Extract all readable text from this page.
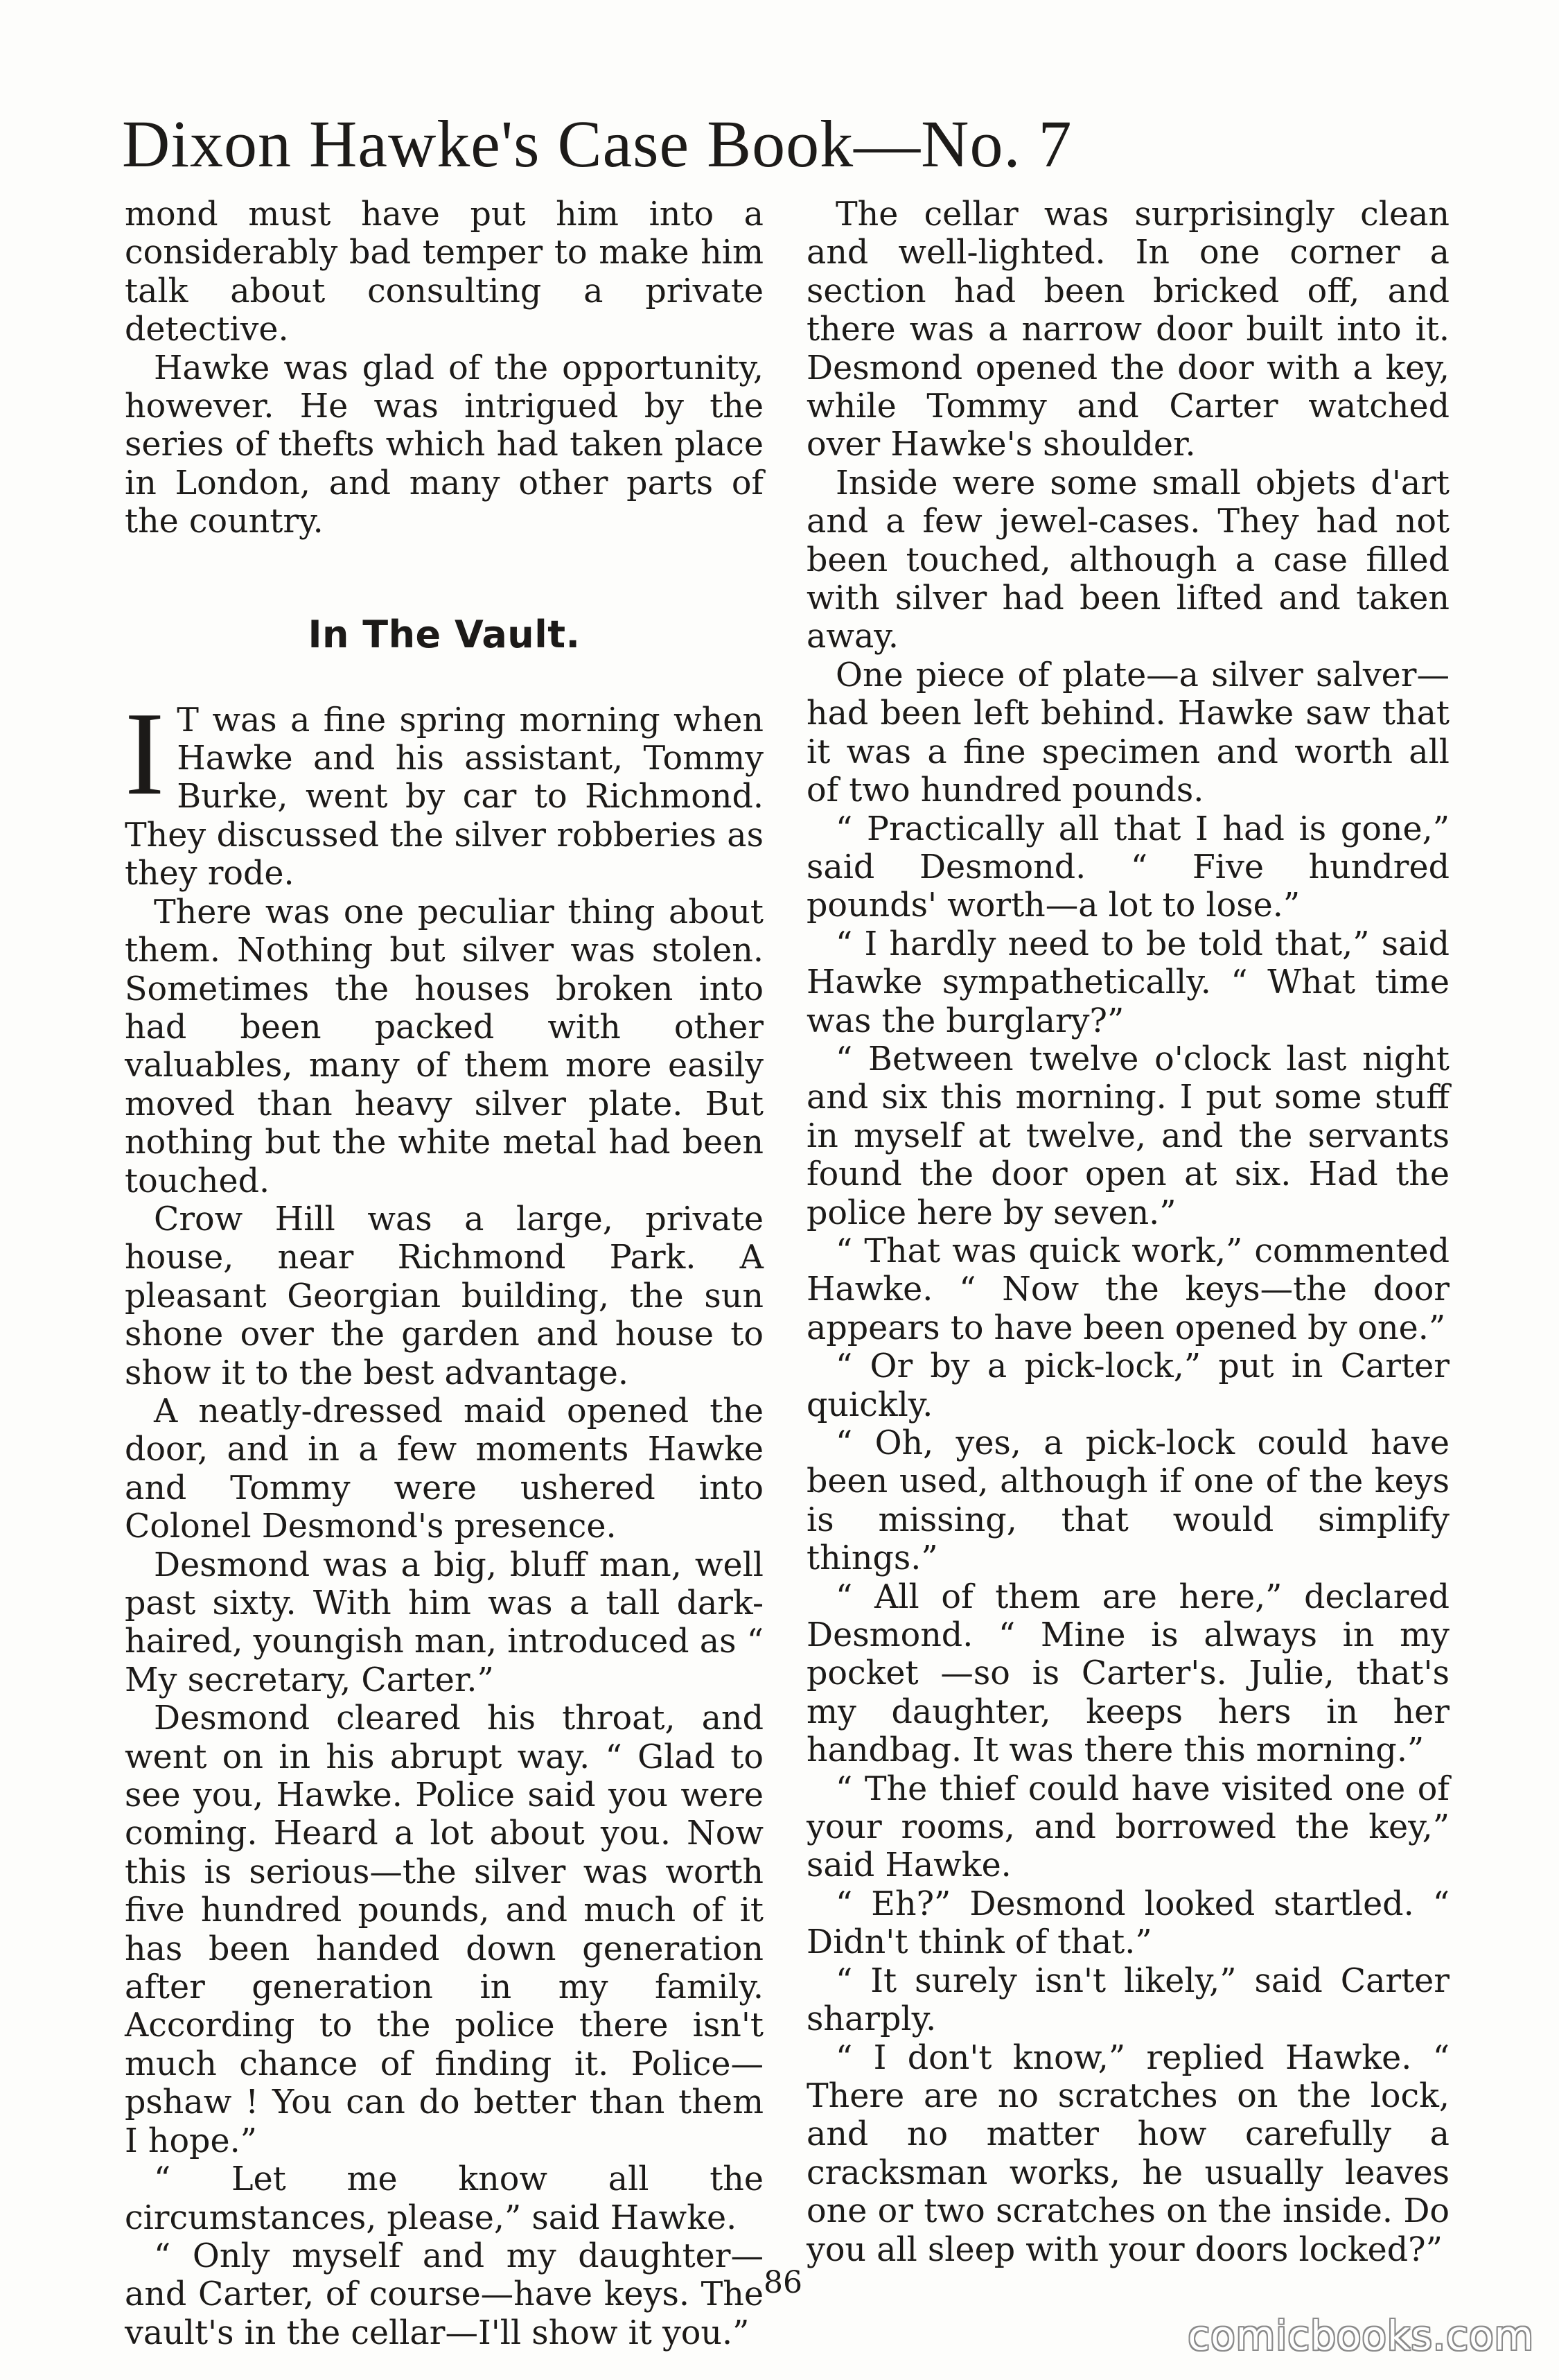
Dixon Hawke's Case Book—No. 7

mond must have put him into a considerably bad temper to make him talk about consulting a private detective.

Hawke was glad of the opportunity, however. He was intrigued by the series of thefts which had taken place in London, and many other parts of the country.

In The Vault.

I T was a fine spring morning when Hawke and his assistant, Tommy Burke, went by car to Richmond. They discussed the silver robberies as they rode.

There was one peculiar thing about them. Nothing but silver was stolen. Sometimes the houses broken into had been packed with other valuables, many of them more easily moved than heavy silver plate. But nothing but the white metal had been touched.

Crow Hill was a large, private house, near Richmond Park. A pleasant Georgian building, the sun shone over the garden and house to show it to the best advantage.

A neatly-dressed maid opened the door, and in a few moments Hawke and Tommy were ushered into Colonel Desmond's presence.

Desmond was a big, bluff man, well past sixty. With him was a tall dark-haired, youngish man, introduced as “ My secretary, Carter.”

Desmond cleared his throat, and went on in his abrupt way. “ Glad to see you, Hawke. Police said you were coming. Heard a lot about you. Now this is serious—the silver was worth five hundred pounds, and much of it has been handed down generation after generation in my family. According to the police there isn't much chance of finding it. Police—pshaw ! You can do better than them I hope.”

“ Let me know all the circumstances, please,” said Hawke.

“ Only myself and my daughter—and Carter, of course—have keys. The vault's in the cellar—I'll show it you.”

The cellar was surprisingly clean and well-lighted. In one corner a section had been bricked off, and there was a narrow door built into it. Desmond opened the door with a key, while Tommy and Carter watched over Hawke's shoulder.

Inside were some small objets d'art and a few jewel-cases. They had not been touched, although a case filled with silver had been lifted and taken away.

One piece of plate—a silver salver—had been left behind. Hawke saw that it was a fine specimen and worth all of two hundred pounds.

“ Practically all that I had is gone,” said Desmond. “ Five hundred pounds' worth—a lot to lose.”

“ I hardly need to be told that,” said Hawke sympathetically. “ What time was the burglary?”

“ Between twelve o'clock last night and six this morning. I put some stuff in myself at twelve, and the servants found the door open at six. Had the police here by seven.”

“ That was quick work,” commented Hawke. “ Now the keys—the door appears to have been opened by one.”

“ Or by a pick-lock,” put in Carter quickly.

“ Oh, yes, a pick-lock could have been used, although if one of the keys is missing, that would simplify things.”

“ All of them are here,” declared Desmond. “ Mine is always in my pocket —so is Carter's. Julie, that's my daughter, keeps hers in her handbag. It was there this morning.”

“ The thief could have visited one of your rooms, and borrowed the key,” said Hawke.

“ Eh?” Desmond looked startled. “ Didn't think of that.”

“ It surely isn't likely,” said Carter sharply.

“ I don't know,” replied Hawke. “ There are no scratches on the lock, and no matter how carefully a cracksman works, he usually leaves one or two scratches on the inside. Do you all sleep with your doors locked?”

86
comicbooks.com
